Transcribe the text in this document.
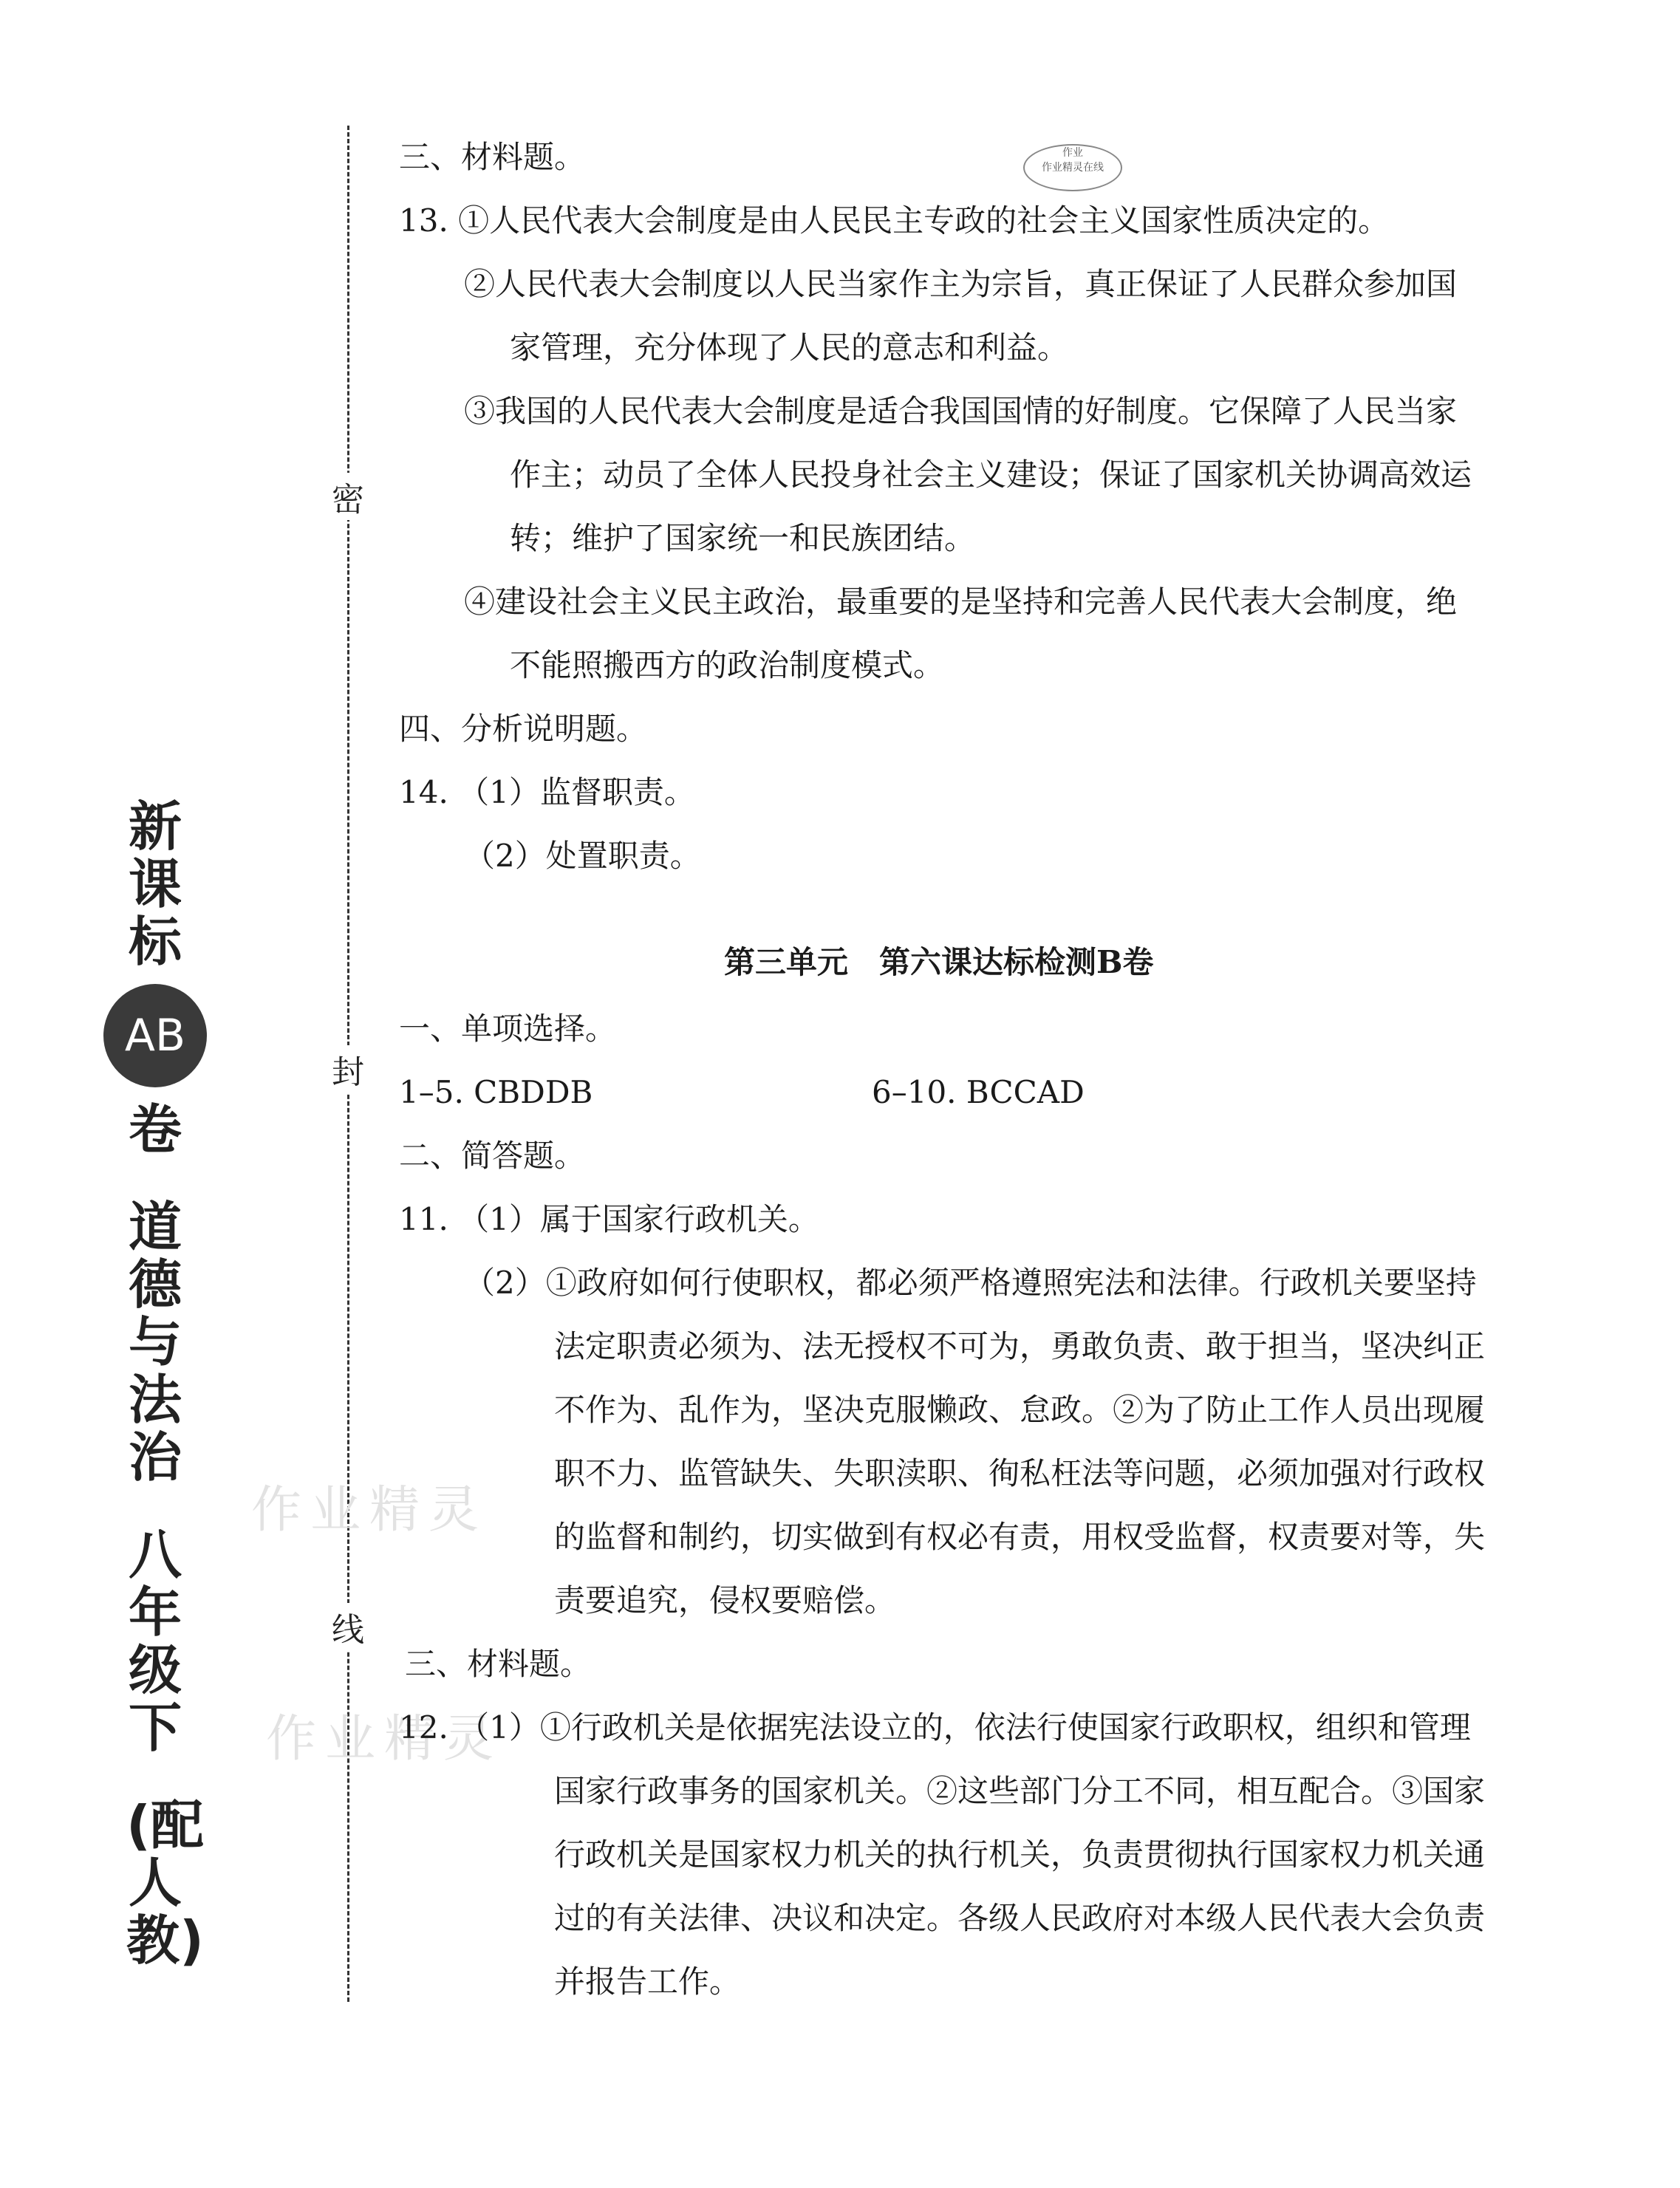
新课标
AB
卷
道德与法治
八年级下
(配人教)
密
封
线
作业
作业精灵在线
作业精灵
作业精灵
三、材料题。
13. ①人民代表大会制度是由人民民主专政的社会主义国家性质决定的。
②人民代表大会制度以人民当家作主为宗旨，真正保证了人民群众参加国
家管理，充分体现了人民的意志和利益。
③我国的人民代表大会制度是适合我国国情的好制度。它保障了人民当家
作主；动员了全体人民投身社会主义建设；保证了国家机关协调高效运
转；维护了国家统一和民族团结。
④建设社会主义民主政治，最重要的是坚持和完善人民代表大会制度，绝
不能照搬西方的政治制度模式。
四、分析说明题。
14. （1）监督职责。
（2）处置职责。
第三单元　第六课达标检测B卷
一、单项选择。
1–5. CBDDB	6–10. BCCAD
二、简答题。
11. （1）属于国家行政机关。
（2）①政府如何行使职权，都必须严格遵照宪法和法律。行政机关要坚持
法定职责必须为、法无授权不可为，勇敢负责、敢于担当，坚决纠正
不作为、乱作为，坚决克服懒政、怠政。②为了防止工作人员出现履
职不力、监管缺失、失职渎职、徇私枉法等问题，必须加强对行政权
的监督和制约，切实做到有权必有责，用权受监督，权责要对等，失
责要追究，侵权要赔偿。
三、材料题。
12. （1）①行政机关是依据宪法设立的，依法行使国家行政职权，组织和管理
国家行政事务的国家机关。②这些部门分工不同，相互配合。③国家
行政机关是国家权力机关的执行机关，负责贯彻执行国家权力机关通
过的有关法律、决议和决定。各级人民政府对本级人民代表大会负责
并报告工作。
